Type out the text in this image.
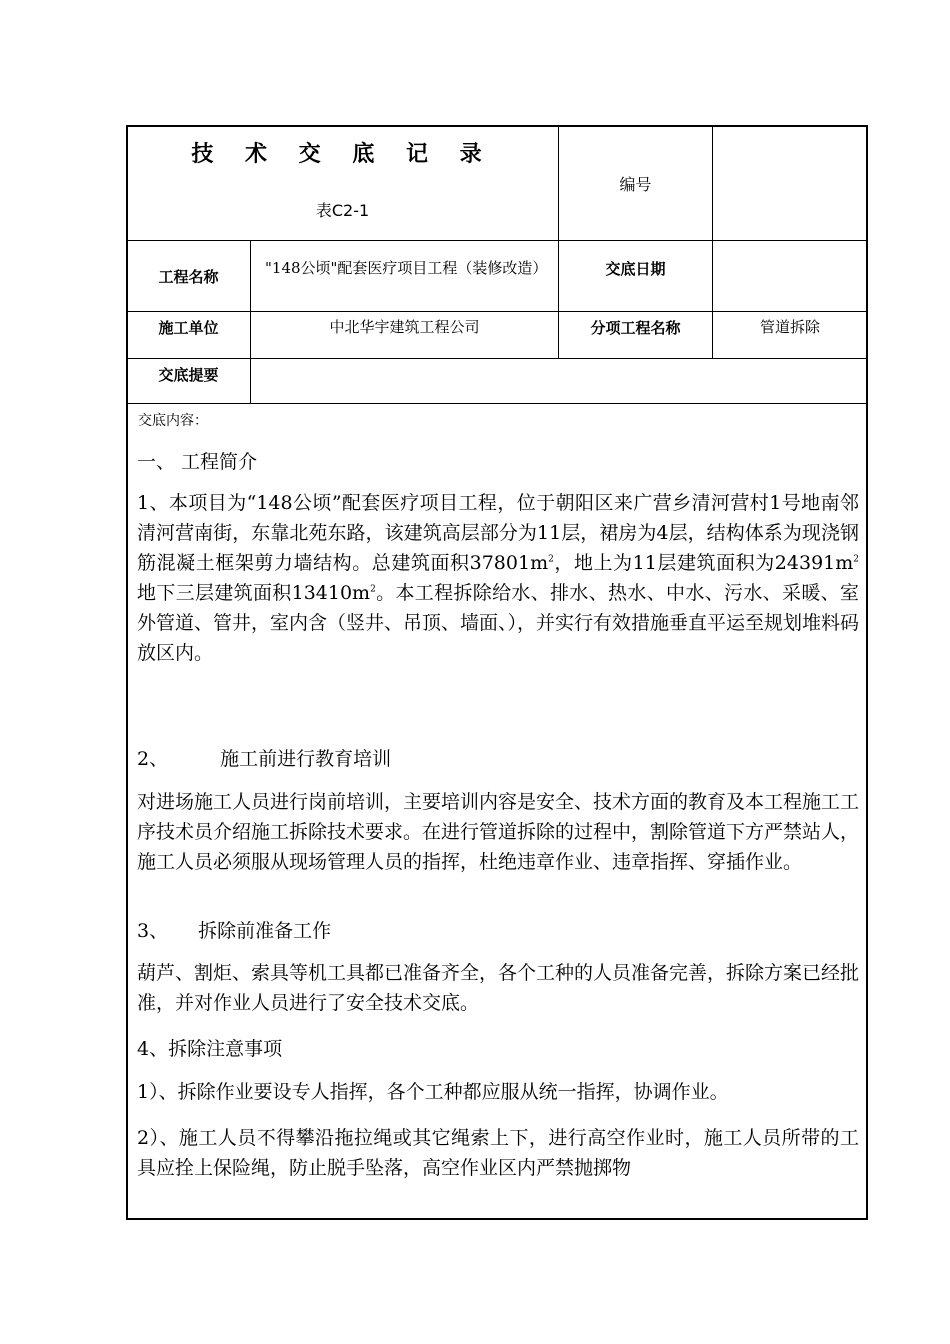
技 术 交 底 记 录
表C2-1
编号
工程名称	"148公顷"配套医疗项目工程（装修改造）	交底日期
施工单位	中北华宇建筑工程公司	分项工程名称	管道拆除
交底提要
交底内容：

一、 工程简介

1、本项目为“148公顷”配套医疗项目工程，位于朝阳区来广营乡清河营村1号地南邻清河营南街，东靠北苑东路，该建筑高层部分为11层，裙房为4层，结构体系为现浇钢筋混凝土框架剪力墙结构。总建筑面积$37801m^2$，地上为11层建筑面积为$24391m^2$ 地下三层建筑面积$13410m^2$。本工程拆除给水、排水、热水、中水、污水、采暖、室外管道、管井，室内含（竖井、吊顶、墙面、），并实行有效措施垂直平运至规划堆料码放区内。

2、	施工前进行教育培训

对进场施工人员进行岗前培训，主要培训内容是安全、技术方面的教育及本工程施工工序技术员介绍施工拆除技术要求。在进行管道拆除的过程中，割除管道下方严禁站人，施工人员必须服从现场管理人员的指挥，杜绝违章作业、违章指挥、穿插作业。

3、 拆除前准备工作

葫芦、割炬、索具等机工具都已准备齐全，各个工种的人员准备完善，拆除方案已经批准，并对作业人员进行了安全技术交底。

4、拆除注意事项

1）、拆除作业要设专人指挥，各个工种都应服从统一指挥，协调作业。

2）、施工人员不得攀沿拖拉绳或其它绳索上下，进行高空作业时，施工人员所带的工具应拴上保险绳，防止脱手坠落，高空作业区内严禁抛掷物
